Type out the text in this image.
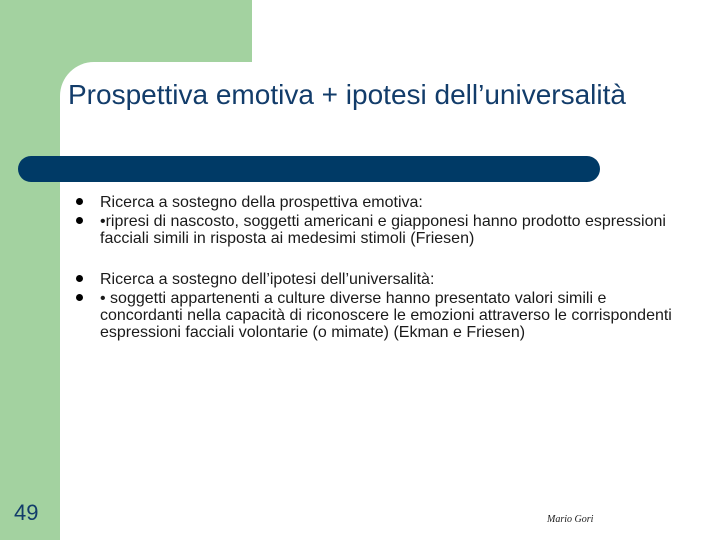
Prospettiva emotiva + ipotesi dell’universalità
Ricerca a sostegno della prospettiva emotiva:
•ripresi di nascosto, soggetti americani e giapponesi hanno prodotto espressioni facciali simili in risposta ai medesimi stimoli (Friesen)
Ricerca a sostegno dell’ipotesi dell’universalità:
• soggetti appartenenti a culture diverse hanno presentato valori simili e concordanti nella capacità di riconoscere le emozioni attraverso le corrispondenti espressioni facciali volontarie (o mimate) (Ekman e Friesen)
49	Mario Gori
